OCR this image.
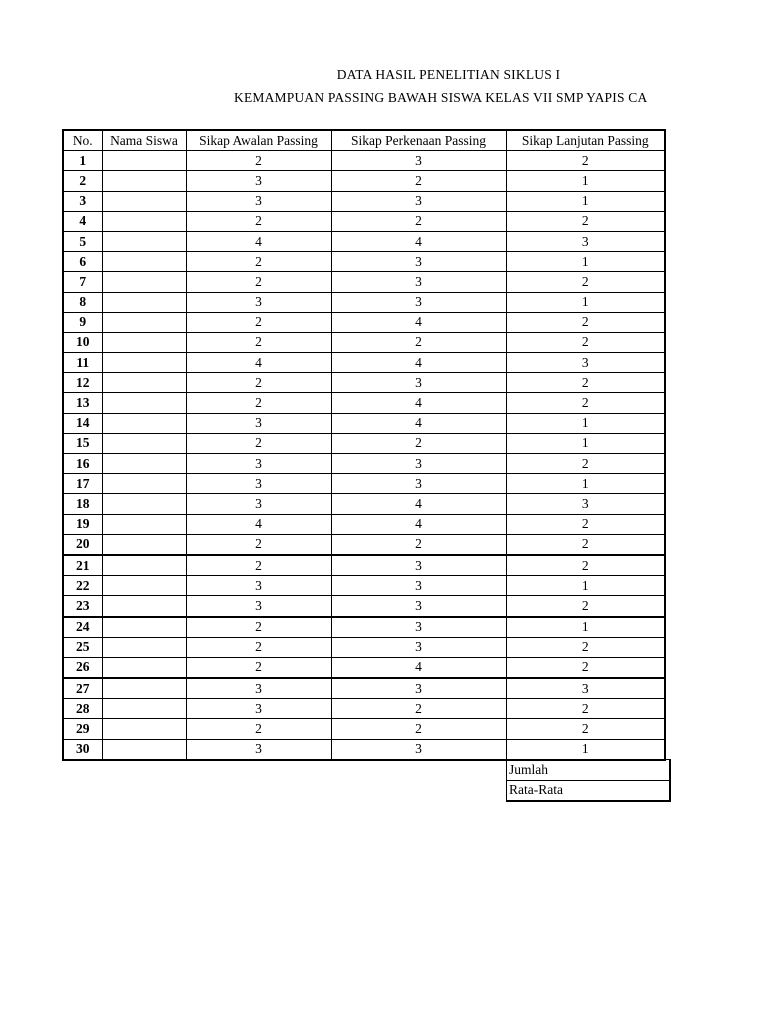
DATA HASIL PENELITIAN SIKLUS I
KEMAMPUAN PASSING BAWAH SISWA KELAS VII SMP YAPIS CA
No.	Nama Siswa	Sikap Awalan Passing	Sikap Perkenaan Passing	Sikap Lanjutan Passing
1		2	3	2
2		3	2	1
3		3	3	1
4		2	2	2
5		4	4	3
6		2	3	1
7		2	3	2
8		3	3	1
9		2	4	2
10		2	2	2
11		4	4	3
12		2	3	2
13		2	4	2
14		3	4	1
15		2	2	1
16		3	3	2
17		3	3	1
18		3	4	3
19		4	4	2
20		2	2	2
21		2	3	2
22		3	3	1
23		3	3	2
24		2	3	1
25		2	3	2
26		2	4	2
27		3	3	3
28		3	2	2
29		2	2	2
30		3	3	1
Jumlah
Rata-Rata
